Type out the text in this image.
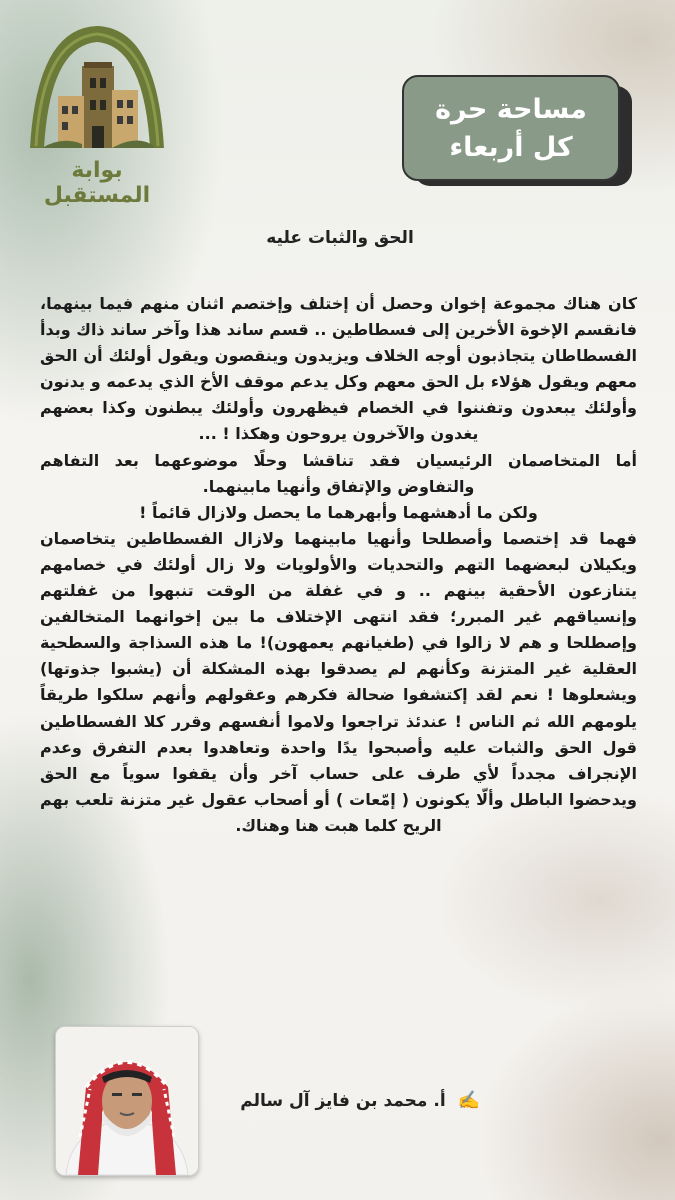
بوابة المستقبل
مساحة حرة
كل أربعاء
الحق والثبات عليه

كان هناك مجموعة إخوان وحصل أن إختلف وإختصم اثنان منهم فيما بينهما، فانقسم الإخوة الأخرين إلى فسطاطين .. قسم ساند هذا وآخر ساند ذاك وبدأ الفسطاطان يتجاذبون أوجه الخلاف ويزيدون وينقصون ويقول أولئك أن الحق معهم ويقول هؤلاء بل الحق معهم وكل يدعم موقف الأخ الذي يدعمه و يدنون وأولئك يبعدون وتفننوا في الخصام فيظهرون وأولئك يبطنون وكذا بعضهم يغدون والآخرون يروحون وهكذا ! ...

أما المتخاصمان الرئيسيان فقد تناقشا وحلًا موضوعهما بعد التفاهم والتفاوض والإتفاق وأنهيا مابينهما.

ولكن ما أدهشهما وأبهرهما ما يحصل ولازال قائماً !

فهما قد إختصما وأصطلحا وأنهيا مابينهما ولازال الفسطاطين يتخاصمان ويكيلان لبعضهما التهم والتحديات والأولويات ولا زال أولئك في خصامهم يتنازعون الأحقية بينهم .. و في غفلة من الوقت تنبهوا من غفلتهم وإنسياقهم غير المبرر؛ فقد انتهى الإختلاف ما بين إخوانهما المتخالفين وإصطلحا و هم لا زالوا في (طغيانهم يعمهون)! ما هذه السذاجة والسطحية العقلية غير المتزنة وكأنهم لم يصدقوا بهذه المشكلة أن (يشبوا جذوتها) ويشعلوها ! نعم لقد إكتشفوا ضحالة فكرهم وعقولهم وأنهم سلكوا طريقاً يلومهم الله ثم الناس ! عندئذ تراجعوا ولاموا أنفسهم وقرر كلا الفسطاطين قول الحق والثبات عليه وأصبحوا يدًا واحدة وتعاهدوا بعدم التفرق وعدم الإنجراف مجدداً لأي طرف على حساب آخر وأن يقفوا سوياً مع الحق ويدحضوا الباطل وألّا يكونون ( إمّعات ) أو أصحاب عقول غير متزنة تلعب بهم الريح كلما هبت هنا وهناك.

✍️ أ. محمد بن فايز آل سالم
